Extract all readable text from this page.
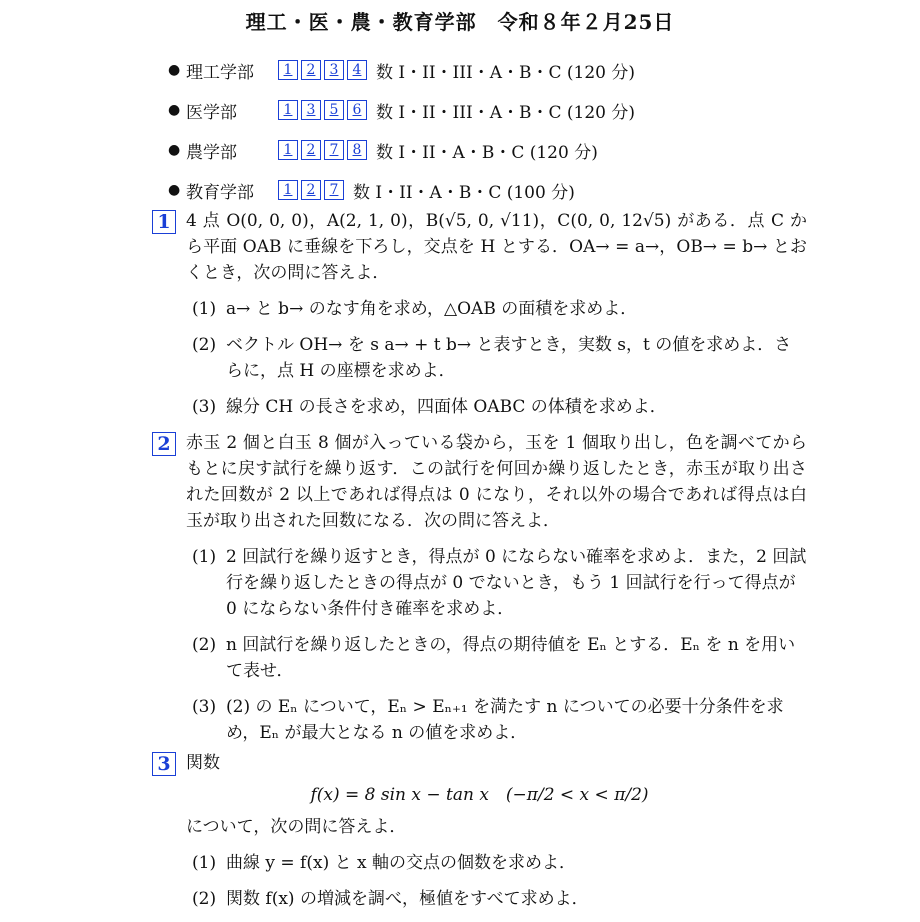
理工・医・農・教育学部　令和８年２月25日
● 理工学部	1	2	3	4 数 I・II・III・A・B・C (120 分)
● 医学部	1	3	5	6 数 I・II・III・A・B・C (120 分)
● 農学部	1	2	7	8 数 I・II・A・B・C (120 分)
● 教育学部	1	2	7 数 I・II・A・B・C (100 分)
1 4 点 O(0, 0, 0)，A(2, 1, 0)，B(√5, 0, √11)，C(0, 0, 12√5) がある．点 C から平面 OAB に垂線を下ろし，交点を H とする．OA→ = a→，OB→ = b→ とおくとき，次の問に答えよ．
(1) a→ と b→ のなす角を求め，△OAB の面積を求めよ．
(2) ベクトル OH→ を s a→ + t b→ と表すとき，実数 s，t の値を求めよ．さらに，点 H の座標を求めよ．
(3) 線分 CH の長さを求め，四面体 OABC の体積を求めよ．
2 赤玉 2 個と白玉 8 個が入っている袋から，玉を 1 個取り出し，色を調べてからもとに戻す試行を繰り返す．この試行を何回か繰り返したとき，赤玉が取り出された回数が 2 以上であれば得点は 0 になり，それ以外の場合であれば得点は白玉が取り出された回数になる．次の問に答えよ．
(1) 2 回試行を繰り返すとき，得点が 0 にならない確率を求めよ．また，2 回試行を繰り返したときの得点が 0 でないとき，もう 1 回試行を行って得点が 0 にならない条件付き確率を求めよ．
(2) n 回試行を繰り返したときの，得点の期待値を Eₙ とする．Eₙ を n を用いて表せ．
(3) (2) の Eₙ について，Eₙ > Eₙ₊₁ を満たす n についての必要十分条件を求め，Eₙ が最大となる n の値を求めよ．
3 関数
f(x) = 8 sin x − tan x　(−π/2 < x < π/2)
について，次の問に答えよ．
(1) 曲線 y = f(x) と x 軸の交点の個数を求めよ．
(2) 関数 f(x) の増減を調べ，極値をすべて求めよ．
